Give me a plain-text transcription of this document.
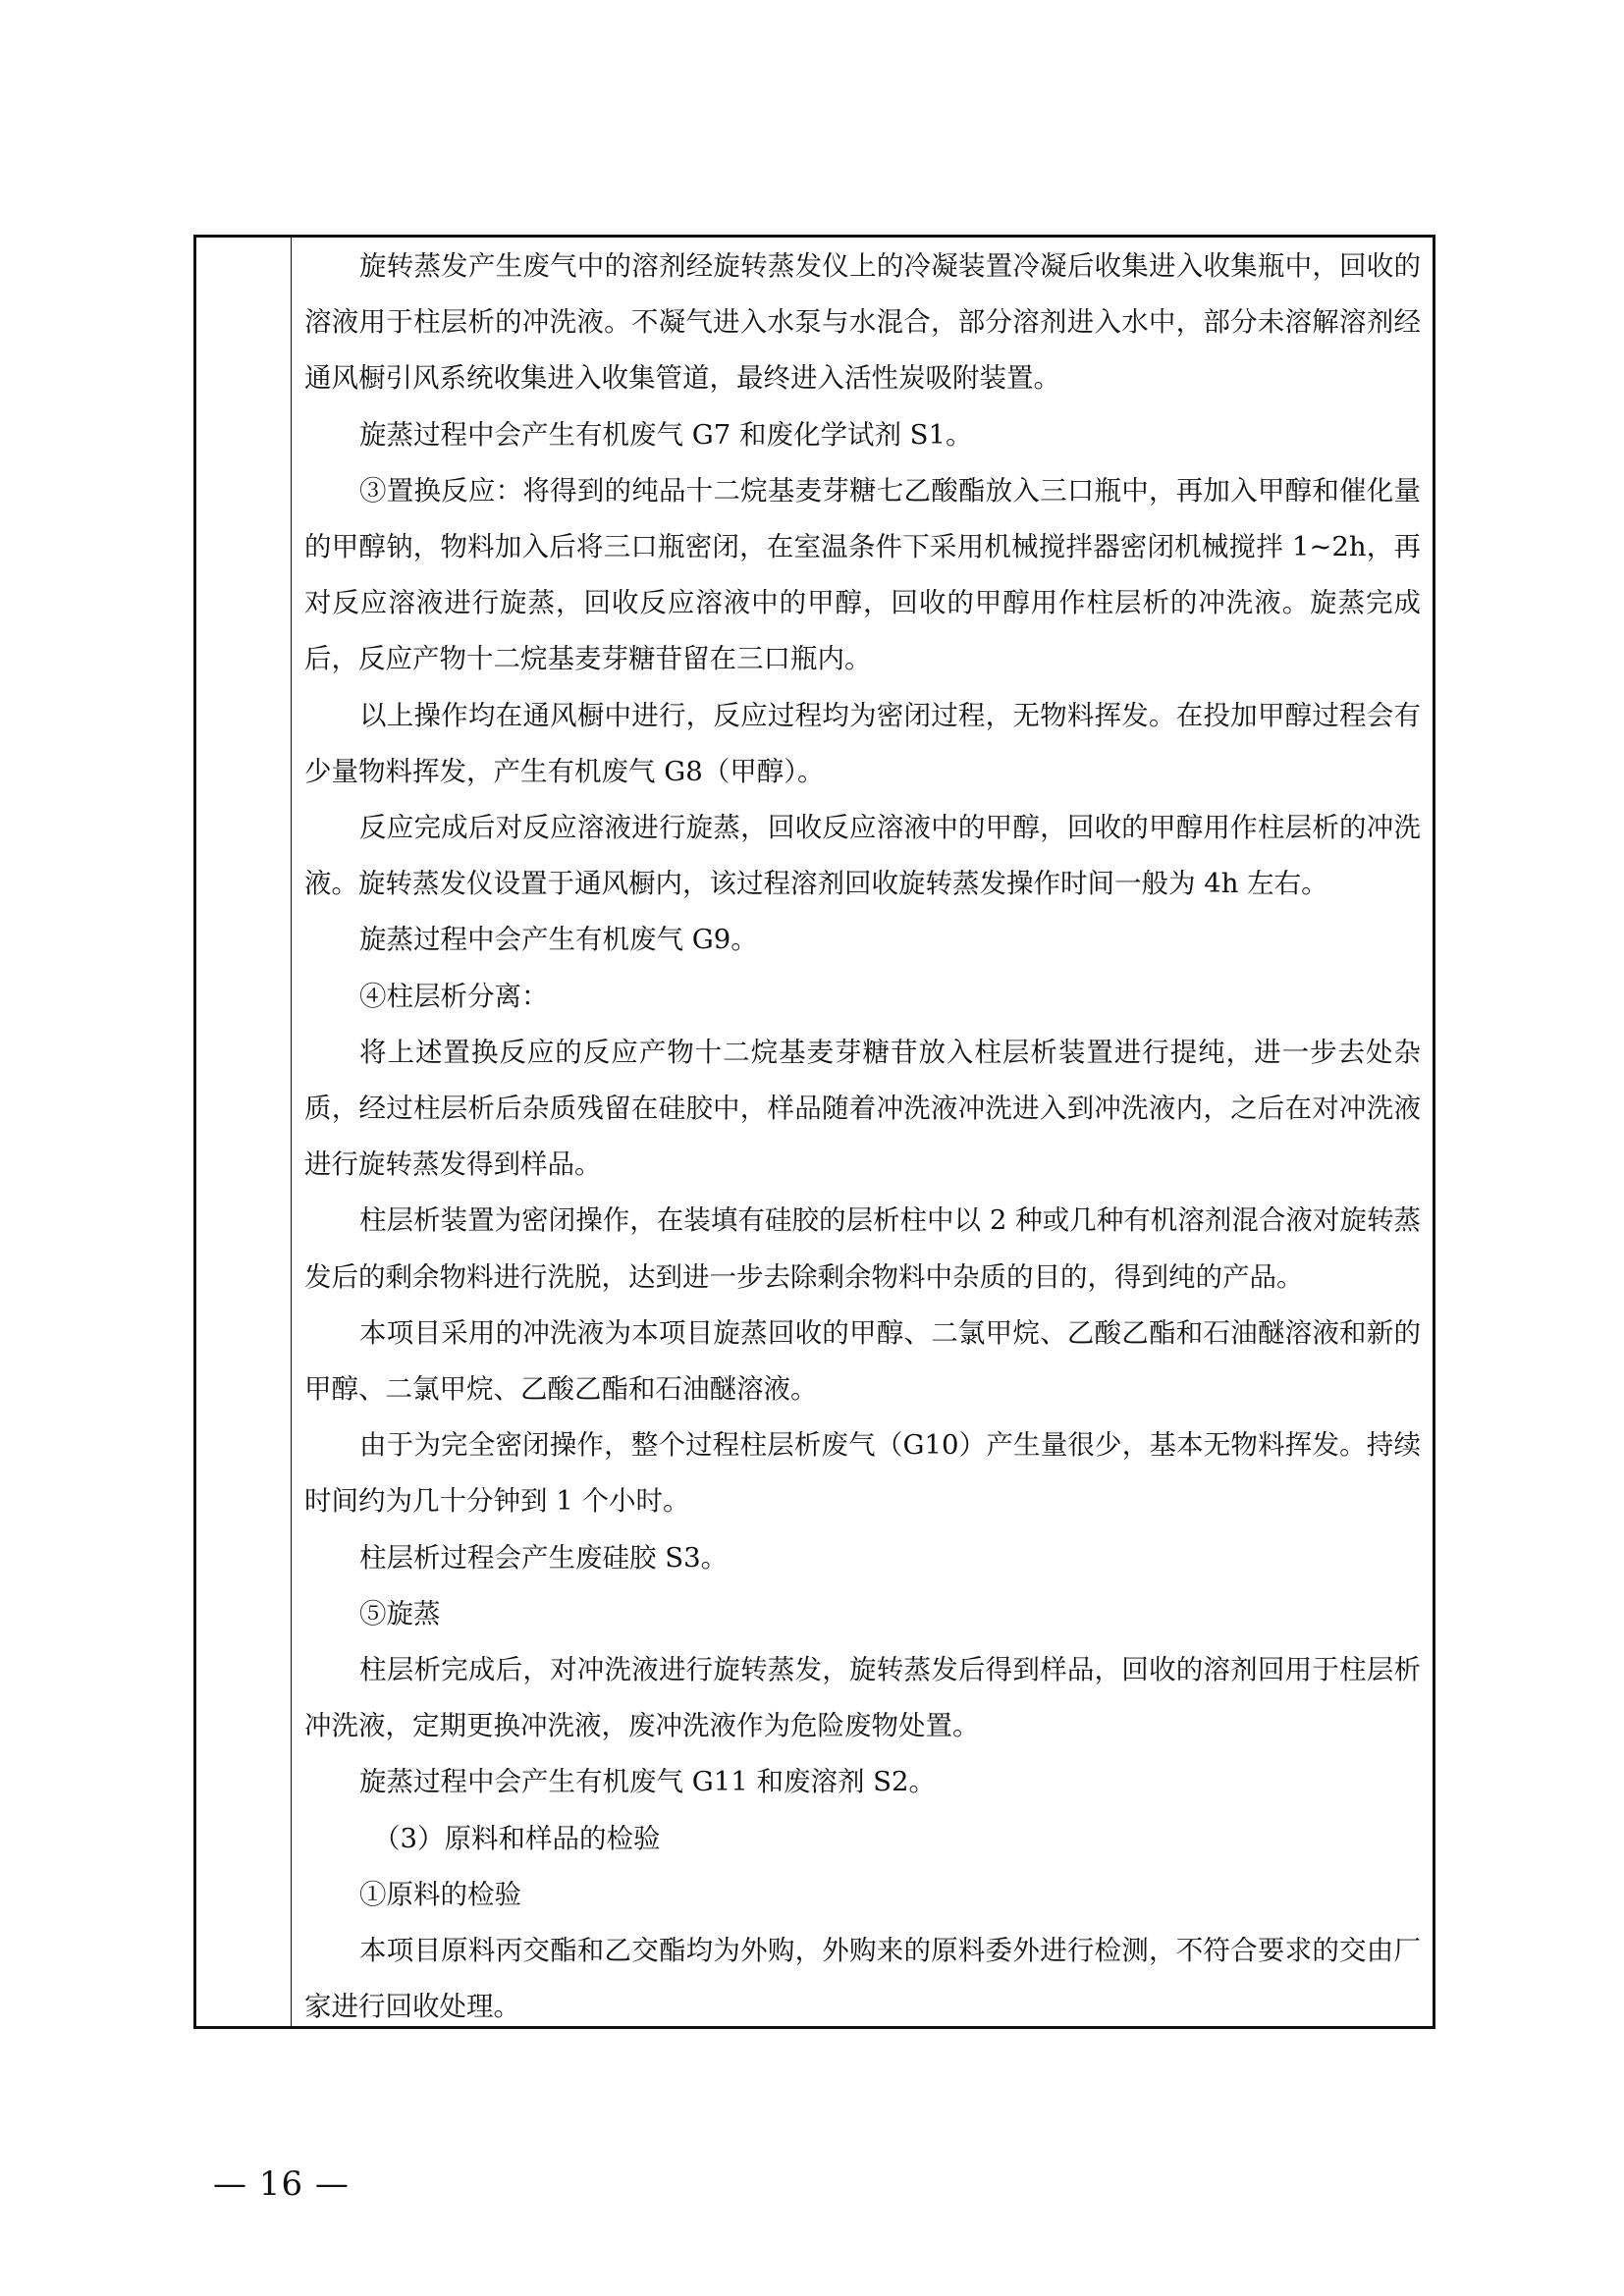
旋转蒸发产生废气中的溶剂经旋转蒸发仪上的冷凝装置冷凝后收集进入收集瓶中，回收的溶液用于柱层析的冲洗液。不凝气进入水泵与水混合，部分溶剂进入水中，部分未溶解溶剂经通风橱引风系统收集进入收集管道，最终进入活性炭吸附装置。

旋蒸过程中会产生有机废气 G7 和废化学试剂 S1。

③置换反应：将得到的纯品十二烷基麦芽糖七乙酸酯放入三口瓶中，再加入甲醇和催化量的甲醇钠，物料加入后将三口瓶密闭，在室温条件下采用机械搅拌器密闭机械搅拌 1~2h，再对反应溶液进行旋蒸，回收反应溶液中的甲醇，回收的甲醇用作柱层析的冲洗液。旋蒸完成后，反应产物十二烷基麦芽糖苷留在三口瓶内。

以上操作均在通风橱中进行，反应过程均为密闭过程，无物料挥发。在投加甲醇过程会有少量物料挥发，产生有机废气 G8（甲醇）。

反应完成后对反应溶液进行旋蒸，回收反应溶液中的甲醇，回收的甲醇用作柱层析的冲洗液。旋转蒸发仪设置于通风橱内，该过程溶剂回收旋转蒸发操作时间一般为 4h 左右。

旋蒸过程中会产生有机废气 G9。

④柱层析分离：

将上述置换反应的反应产物十二烷基麦芽糖苷放入柱层析装置进行提纯，进一步去处杂质，经过柱层析后杂质残留在硅胶中，样品随着冲洗液冲洗进入到冲洗液内，之后在对冲洗液进行旋转蒸发得到样品。

柱层析装置为密闭操作，在装填有硅胶的层析柱中以 2 种或几种有机溶剂混合液对旋转蒸发后的剩余物料进行洗脱，达到进一步去除剩余物料中杂质的目的，得到纯的产品。

本项目采用的冲洗液为本项目旋蒸回收的甲醇、二氯甲烷、乙酸乙酯和石油醚溶液和新的甲醇、二氯甲烷、乙酸乙酯和石油醚溶液。

由于为完全密闭操作，整个过程柱层析废气（G10）产生量很少，基本无物料挥发。持续时间约为几十分钟到 1 个小时。

柱层析过程会产生废硅胶 S3。

⑤旋蒸

柱层析完成后，对冲洗液进行旋转蒸发，旋转蒸发后得到样品，回收的溶剂回用于柱层析冲洗液，定期更换冲洗液，废冲洗液作为危险废物处置。

旋蒸过程中会产生有机废气 G11 和废溶剂 S2。

（3）原料和样品的检验

①原料的检验

本项目原料丙交酯和乙交酯均为外购，外购来的原料委外进行检测，不符合要求的交由厂家进行回收处理。

— 16 —
